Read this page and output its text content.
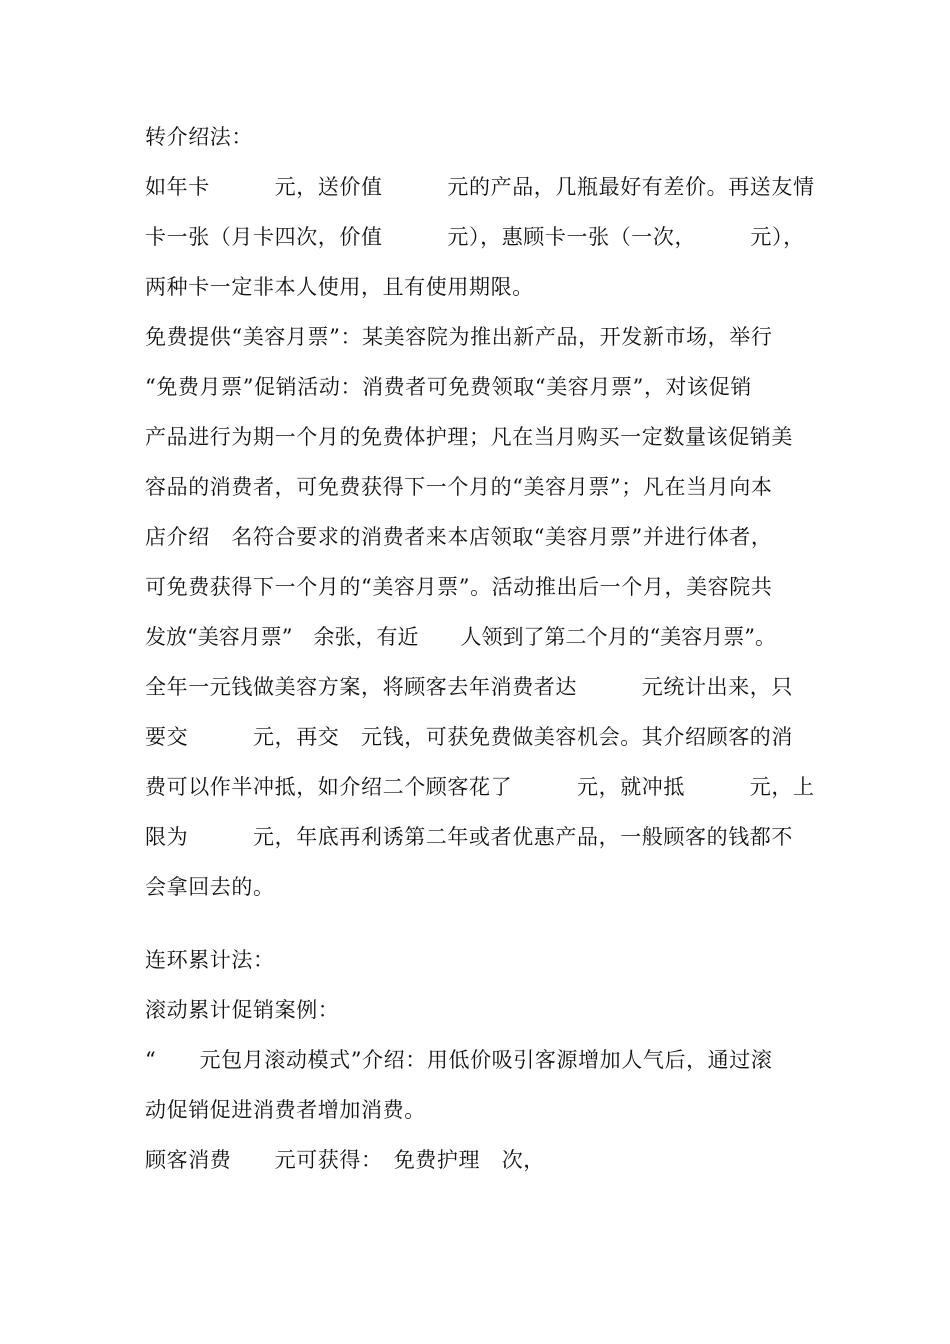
转介绍法：

如年卡　　　元，送价值　　　元的产品，几瓶最好有差价。再送友情

卡一张（月卡四次，价值　　　元），惠顾卡一张（一次，　　　元），

两种卡一定非本人使用，且有使用期限。

免费提供“美容月票”：某美容院为推出新产品，开发新市场，举行

“免费月票”促销活动：消费者可免费领取“美容月票”，对该促销

产品进行为期一个月的免费体护理；凡在当月购买一定数量该促销美

容品的消费者，可免费获得下一个月的“美容月票”；凡在当月向本

店介绍　名符合要求的消费者来本店领取“美容月票”并进行体者，

可免费获得下一个月的“美容月票”。活动推出后一个月，美容院共

发放“美容月票”　余张，有近　　人领到了第二个月的“美容月票”。

全年一元钱做美容方案，将顾客去年消费者达　　　元统计出来，只

要交　　　元，再交　元钱，可获免费做美容机会。其介绍顾客的消

费可以作半冲抵，如介绍二个顾客花了　　　元，就冲抵　　　元，上

限为　　　元，年底再利诱第二年或者优惠产品，一般顾客的钱都不

会拿回去的。

连环累计法：

滚动累计促销案例：

“　　元包月滚动模式”介绍：用低价吸引客源增加人气后，通过滚

动促销促进消费者增加消费。

顾客消费　　元可获得：　免费护理　次，
